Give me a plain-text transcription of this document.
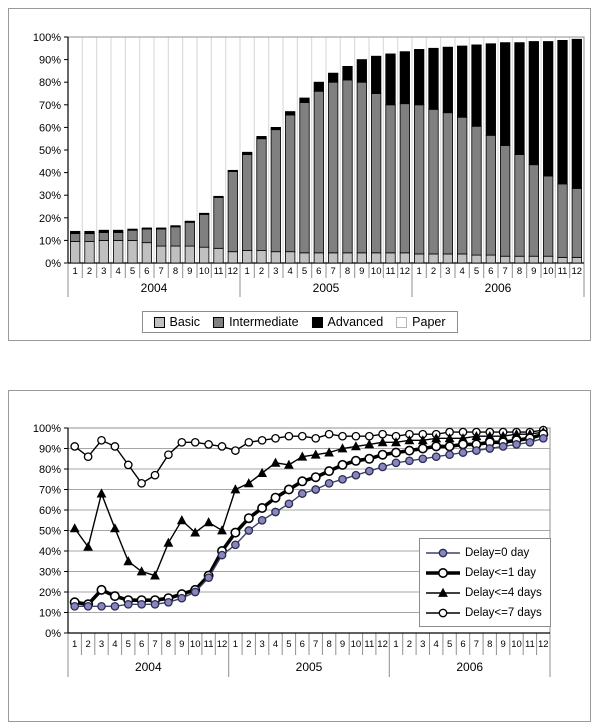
0%
10%
20%
30%
40%
50%
60%
70%
80%
90%
100%
1 2 3 4 5 6 7 8 9 10 11 12 1 2 3 4 5 6 7 8 9 10 11 12 1 2 3 4 5 6 7 8 9 10 11 12
2004	2005	2006
Basic Intermediate Advanced Paper
0%
10%
20%
30%
40%
50%
60%
70%
80%
90%
100%
1 2 3 4 5 6 7 8 9 10 11 12 1 2 3 4 5 6 7 8 9 10 11 12 1 2 3 4 5 6 7 8 9 10 11 12
2004	2005	2006
Delay=0 day
Delay<=1 day
Delay<=4 days
Delay<=7 days
